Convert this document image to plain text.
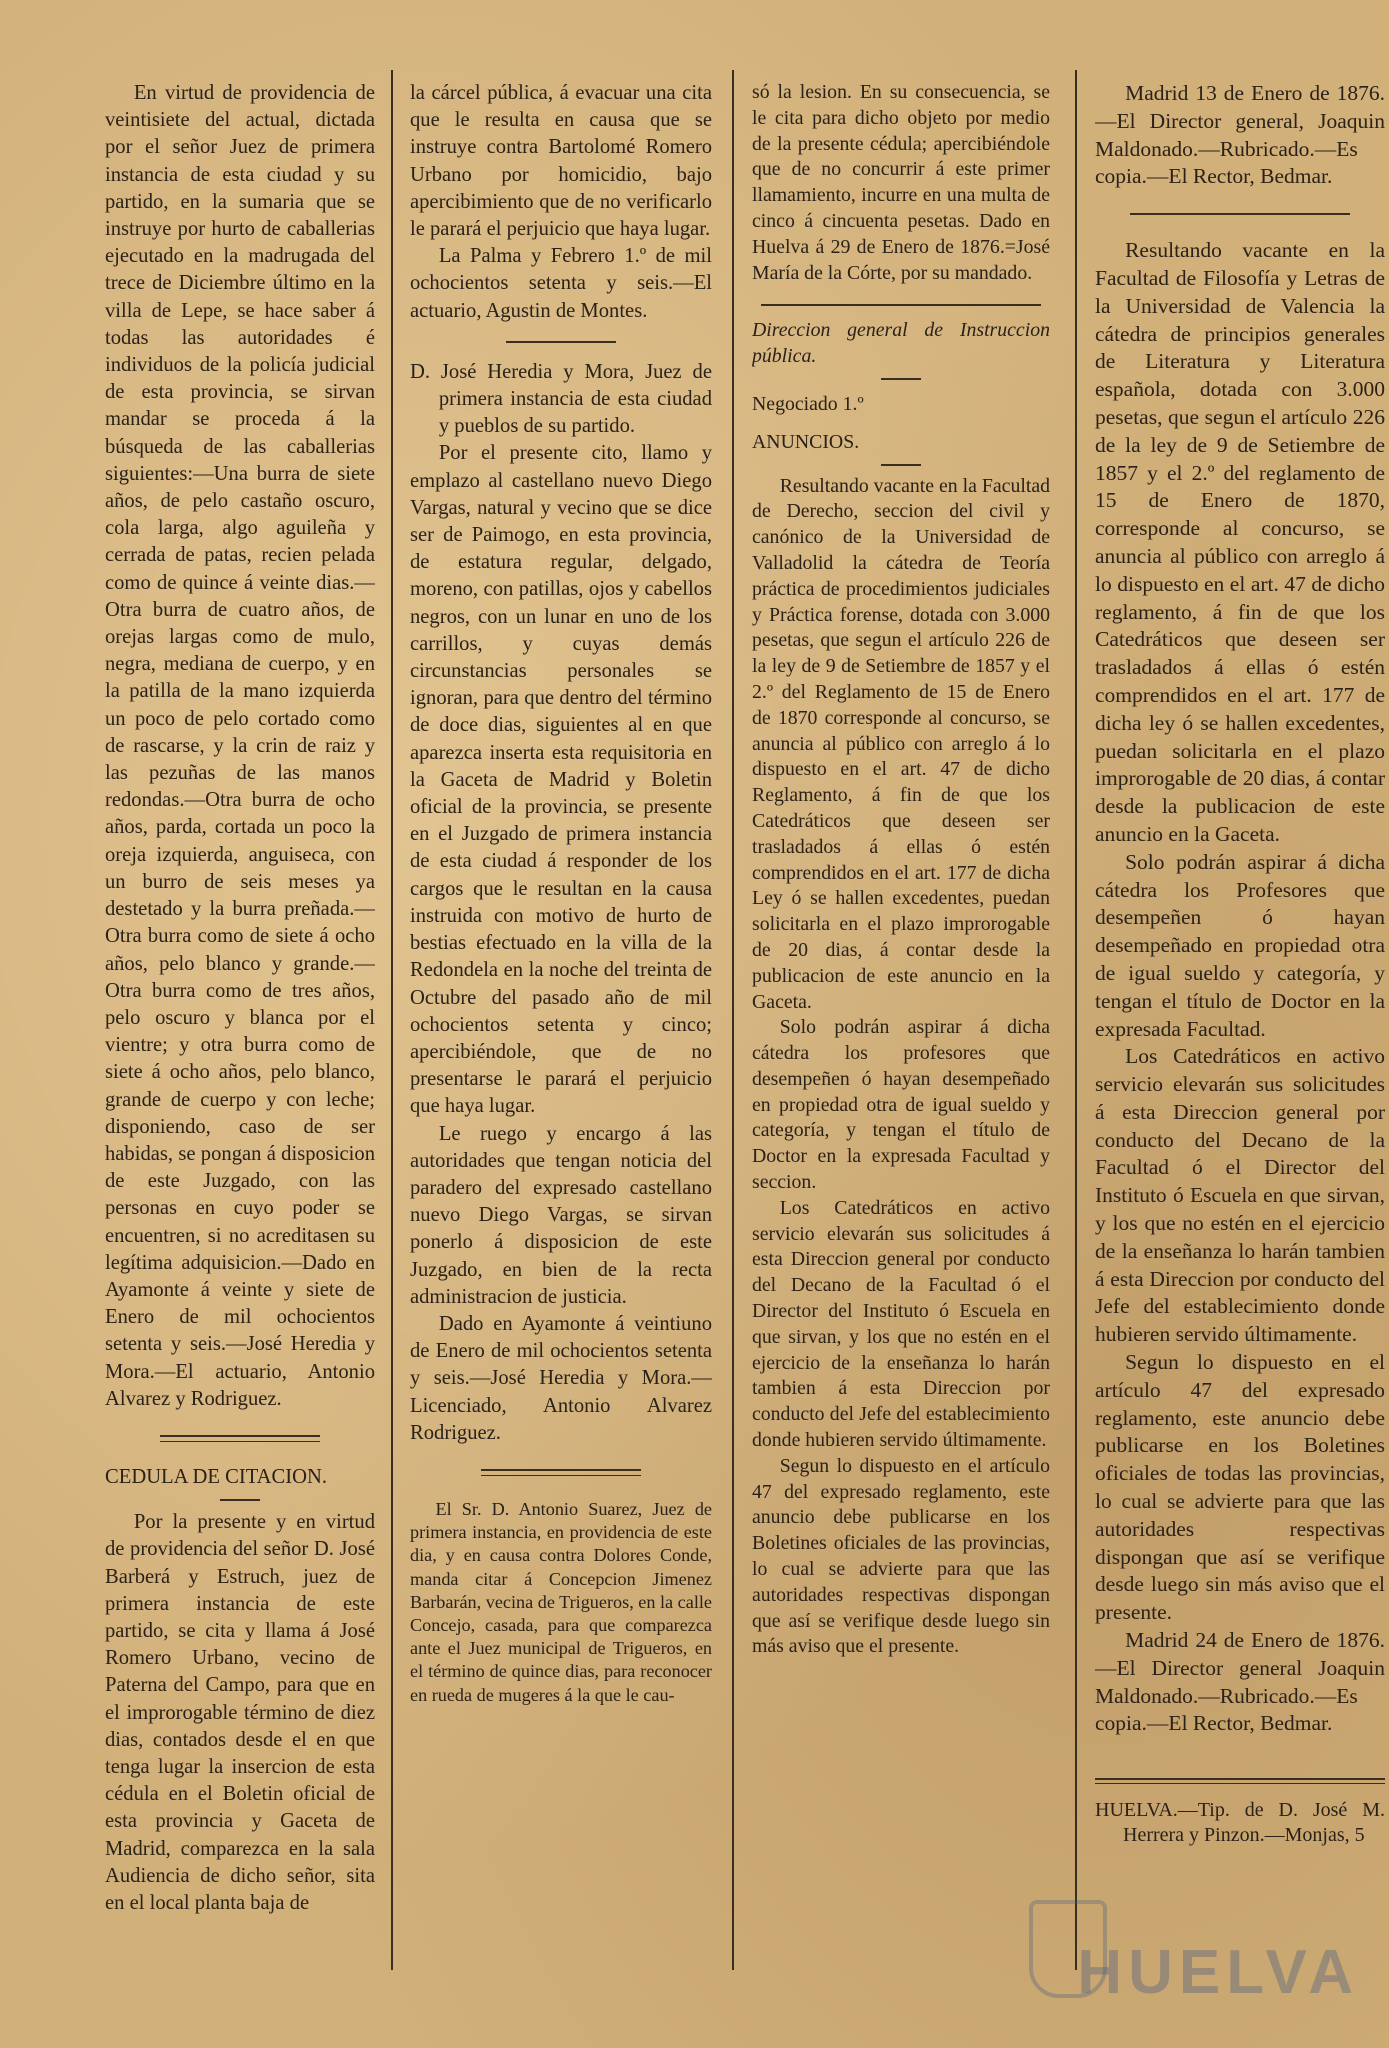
En virtud de providencia de veintisiete del actual, dictada por el señor Juez de primera instancia de esta ciudad y su partido, en la sumaria que se instruye por hurto de caballerias ejecutado en la madrugada del trece de Diciembre último en la villa de Lepe, se hace saber á todas las autoridades é individuos de la policía judicial de esta provincia, se sirvan mandar se proceda á la búsqueda de las caballerias siguientes:—Una burra de siete años, de pelo castaño oscuro, cola larga, algo aguileña y cerrada de patas, recien pelada como de quince á veinte dias.—Otra burra de cuatro años, de orejas largas como de mulo, negra, mediana de cuerpo, y en la patilla de la mano izquierda un poco de pelo cortado como de rascarse, y la crin de raiz y las pezuñas de las manos redondas.—Otra burra de ocho años, parda, cortada un poco la oreja izquierda, anguiseca, con un burro de seis meses ya destetado y la burra preñada.—Otra burra como de siete á ocho años, pelo blanco y grande.—Otra burra como de tres años, pelo oscuro y blanca por el vientre; y otra burra como de siete á ocho años, pelo blanco, grande de cuerpo y con leche; disponiendo, caso de ser habidas, se pongan á disposicion de este Juzgado, con las personas en cuyo poder se encuentren, si no acreditasen su legítima adquisicion.—Dado en Ayamonte á veinte y siete de Enero de mil ochocientos setenta y seis.—José Heredia y Mora.—El actuario, Antonio Alvarez y Rodriguez.

CEDULA DE CITACION.

Por la presente y en virtud de providencia del señor D. José Barberá y Estruch, juez de primera instancia de este partido, se cita y llama á José Romero Urbano, vecino de Paterna del Campo, para que en el improrogable término de diez dias, contados desde el en que tenga lugar la insercion de esta cédula en el Boletin oficial de esta provincia y Gaceta de Madrid, comparezca en la sala Audiencia de dicho señor, sita en el local planta baja de

la cárcel pública, á evacuar una cita que le resulta en causa que se instruye contra Bartolomé Romero Urbano por homicidio, bajo apercibimiento que de no verificarlo le parará el perjuicio que haya lugar.

La Palma y Febrero 1.º de mil ochocientos setenta y seis.—El actuario, Agustin de Montes.

D. José Heredia y Mora, Juez de primera instancia de esta ciudad y pueblos de su partido.

Por el presente cito, llamo y emplazo al castellano nuevo Diego Vargas, natural y vecino que se dice ser de Paimogo, en esta provincia, de estatura regular, delgado, moreno, con patillas, ojos y cabellos negros, con un lunar en uno de los carrillos, y cuyas demás circunstancias personales se ignoran, para que dentro del término de doce dias, siguientes al en que aparezca inserta esta requisitoria en la Gaceta de Madrid y Boletin oficial de la provincia, se presente en el Juzgado de primera instancia de esta ciudad á responder de los cargos que le resultan en la causa instruida con motivo de hurto de bestias efectuado en la villa de la Redondela en la noche del treinta de Octubre del pasado año de mil ochocientos setenta y cinco; apercibiéndole, que de no presentarse le parará el perjuicio que haya lugar.

Le ruego y encargo á las autoridades que tengan noticia del paradero del expresado castellano nuevo Diego Vargas, se sirvan ponerlo á disposicion de este Juzgado, en bien de la recta administracion de justicia.

Dado en Ayamonte á veintiuno de Enero de mil ochocientos setenta y seis.—José Heredia y Mora.—Licenciado, Antonio Alvarez Rodriguez.

El Sr. D. Antonio Suarez, Juez de primera instancia, en providencia de este dia, y en causa contra Dolores Conde, manda citar á Concepcion Jimenez Barbarán, vecina de Trigueros, en la calle Concejo, casada, para que comparezca ante el Juez municipal de Trigueros, en el término de quince dias, para reconocer en rueda de mugeres á la que le cau-

só la lesion. En su consecuencia, se le cita para dicho objeto por medio de la presente cédula; apercibiéndole que de no concurrir á este primer llamamiento, incurre en una multa de cinco á cincuenta pesetas. Dado en Huelva á 29 de Enero de 1876.=José María de la Córte, por su mandado.

Direccion general de Instruccion pública.

Negociado 1.º

ANUNCIOS.

Resultando vacante en la Facultad de Derecho, seccion del civil y canónico de la Universidad de Valladolid la cátedra de Teoría práctica de procedimientos judiciales y Práctica forense, dotada con 3.000 pesetas, que segun el artículo 226 de la ley de 9 de Setiembre de 1857 y el 2.º del Reglamento de 15 de Enero de 1870 corresponde al concurso, se anuncia al público con arreglo á lo dispuesto en el art. 47 de dicho Reglamento, á fin de que los Catedráticos que deseen ser trasladados á ellas ó estén comprendidos en el art. 177 de dicha Ley ó se hallen excedentes, puedan solicitarla en el plazo improrogable de 20 dias, á contar desde la publicacion de este anuncio en la Gaceta.

Solo podrán aspirar á dicha cátedra los profesores que desempeñen ó hayan desempeñado en propiedad otra de igual sueldo y categoría, y tengan el título de Doctor en la expresada Facultad y seccion.

Los Catedráticos en activo servicio elevarán sus solicitudes á esta Direccion general por conducto del Decano de la Facultad ó el Director del Instituto ó Escuela en que sirvan, y los que no estén en el ejercicio de la enseñanza lo harán tambien á esta Direccion por conducto del Jefe del establecimiento donde hubieren servido últimamente.

Segun lo dispuesto en el artículo 47 del expresado reglamento, este anuncio debe publicarse en los Boletines oficiales de las provincias, lo cual se advierte para que las autoridades respectivas dispongan que así se verifique desde luego sin más aviso que el presente.

Madrid 13 de Enero de 1876.—El Director general, Joaquin Maldonado.—Rubricado.—Es copia.—El Rector, Bedmar.

Resultando vacante en la Facultad de Filosofía y Letras de la Universidad de Valencia la cátedra de principios generales de Literatura y Literatura española, dotada con 3.000 pesetas, que segun el artículo 226 de la ley de 9 de Setiembre de 1857 y el 2.º del reglamento de 15 de Enero de 1870, corresponde al concurso, se anuncia al público con arreglo á lo dispuesto en el art. 47 de dicho reglamento, á fin de que los Catedráticos que deseen ser trasladados á ellas ó estén comprendidos en el art. 177 de dicha ley ó se hallen excedentes, puedan solicitarla en el plazo improrogable de 20 dias, á contar desde la publicacion de este anuncio en la Gaceta.

Solo podrán aspirar á dicha cátedra los Profesores que desempeñen ó hayan desempeñado en propiedad otra de igual sueldo y categoría, y tengan el título de Doctor en la expresada Facultad.

Los Catedráticos en activo servicio elevarán sus solicitudes á esta Direccion general por conducto del Decano de la Facultad ó el Director del Instituto ó Escuela en que sirvan, y los que no estén en el ejercicio de la enseñanza lo harán tambien á esta Direccion por conducto del Jefe del establecimiento donde hubieren servido últimamente.

Segun lo dispuesto en el artículo 47 del expresado reglamento, este anuncio debe publicarse en los Boletines oficiales de todas las provincias, lo cual se advierte para que las autoridades respectivas dispongan que así se verifique desde luego sin más aviso que el presente.

Madrid 24 de Enero de 1876.—El Director general Joaquin Maldonado.—Rubricado.—Es copia.—El Rector, Bedmar.

HUELVA.—Tip. de D. José M. Herrera y Pinzon.—Monjas, 5

HUELVA
